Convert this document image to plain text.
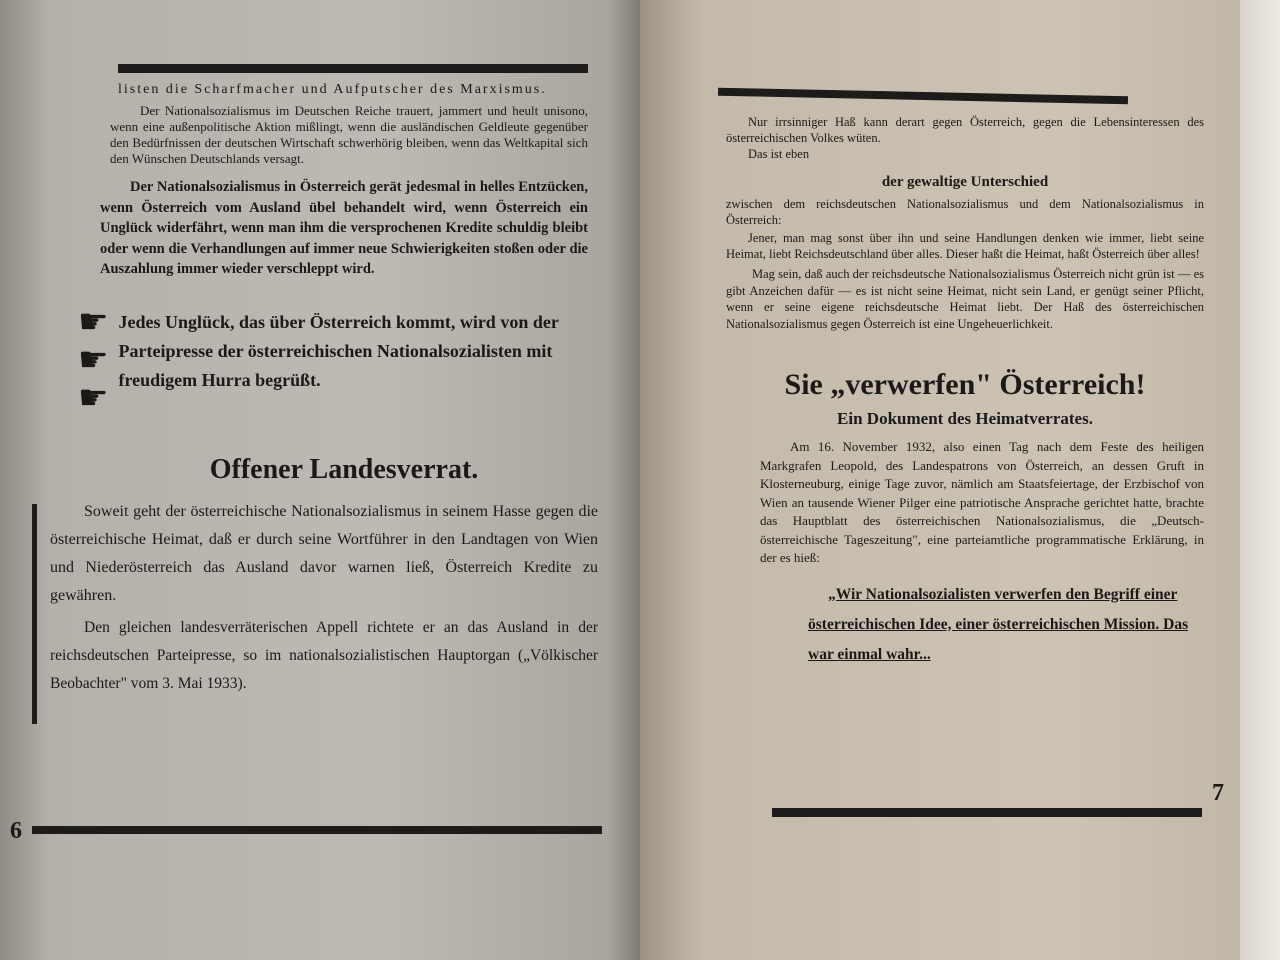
listen die Scharfmacher und Aufputscher des Marxismus.

Der Nationalsozialismus im Deutschen Reiche trauert, jammert und heult unisono, wenn eine außenpolitische Aktion mißlingt, wenn die ausländischen Geldleute gegenüber den Bedürfnissen der deutschen Wirtschaft schwerhörig bleiben, wenn das Weltkapital sich den Wünschen Deutschlands versagt.

Der Nationalsozialismus in Österreich gerät jedesmal in helles Entzücken, wenn Österreich vom Ausland übel behandelt wird, wenn Österreich ein Unglück widerfährt, wenn man ihm die versprochenen Kredite schuldig bleibt oder wenn die Verhandlungen auf immer neue Schwierigkeiten stoßen oder die Auszahlung immer wieder verschleppt wird.

☛
☛
☛

Jedes Unglück, das über Österreich kommt, wird von der Parteipresse der österreichischen Nationalsozialisten mit freudigem Hurra begrüßt.

Offener Landesverrat.

Soweit geht der österreichische Nationalsozialismus in seinem Hasse gegen die österreichische Heimat, daß er durch seine Wortführer in den Landtagen von Wien und Niederösterreich das Ausland davor warnen ließ, Österreich Kredite zu gewähren.

Den gleichen landesverräterischen Appell richtete er an das Ausland in der reichsdeutschen Parteipresse, so im nationalsozialistischen Hauptorgan („Völkischer Beobachter" vom 3. Mai 1933).

6

Nur irrsinniger Haß kann derart gegen Österreich, gegen die Lebensinteressen des österreichischen Volkes wüten.

Das ist eben

der gewaltige Unterschied

zwischen dem reichsdeutschen Nationalsozialismus und dem Nationalsozialismus in Österreich:

Jener, man mag sonst über ihn und seine Handlungen denken wie immer, liebt seine Heimat, liebt Reichsdeutschland über alles. Dieser haßt die Heimat, haßt Österreich über alles!

Mag sein, daß auch der reichsdeutsche Nationalsozialismus Österreich nicht grün ist — es gibt Anzeichen dafür — es ist nicht seine Heimat, nicht sein Land, er genügt seiner Pflicht, wenn er seine eigene reichsdeutsche Heimat liebt. Der Haß des österreichischen Nationalsozialismus gegen Österreich ist eine Ungeheuerlichkeit.

Sie „verwerfen" Österreich!

Ein Dokument des Heimatverrates.

Am 16. November 1932, also einen Tag nach dem Feste des heiligen Markgrafen Leopold, des Landespatrons von Österreich, an dessen Gruft in Klosterneuburg, einige Tage zuvor, nämlich am Staatsfeiertage, der Erzbischof von Wien an tausende Wiener Pilger eine patriotische Ansprache gerichtet hatte, brachte das Hauptblatt des österreichischen Nationalsozialismus, die „Deutsch-österreichische Tageszeitung", eine parteiamtliche programmatische Erklärung, in der es hieß:

„Wir Nationalsozialisten verwerfen den Begriff einer österreichischen Idee, einer österreichischen Mission. Das war einmal wahr...

7
